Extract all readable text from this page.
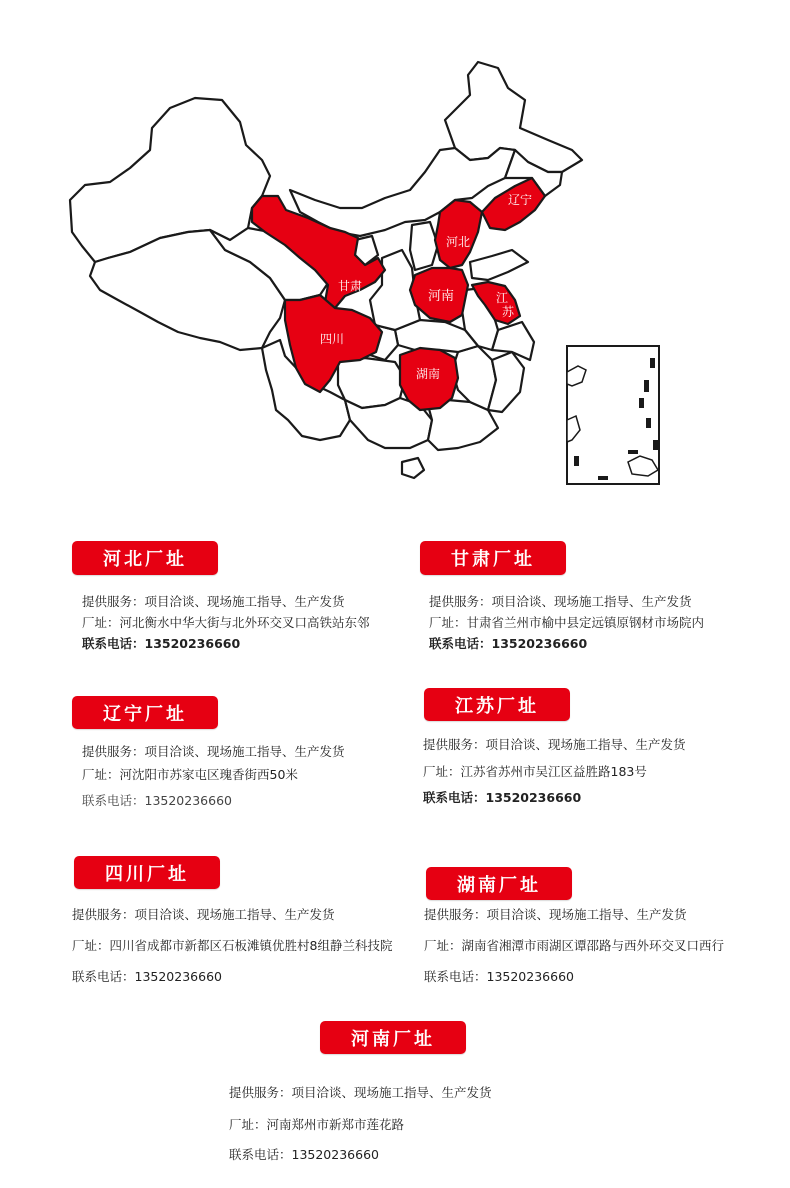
辽宁
河北
甘肃
河南	江
苏
四川
湖南
河北厂址
提供服务：项目洽谈、现场施工指导、生产发货
厂址：河北衡水中华大街与北外环交叉口高铁站东邻
联系电话：13520236660
甘肃厂址
提供服务：项目洽谈、现场施工指导、生产发货
厂址：甘肃省兰州市榆中县定远镇原钢材市场院内
联系电话：13520236660
辽宁厂址
提供服务：项目洽谈、现场施工指导、生产发货
厂址：河沈阳市苏家屯区瑰香街西50米
联系电话：13520236660
江苏厂址
提供服务：项目洽谈、现场施工指导、生产发货
厂址：江苏省苏州市吴江区益胜路183号
联系电话：13520236660
四川厂址
提供服务：项目洽谈、现场施工指导、生产发货
厂址：四川省成都市新都区石板滩镇优胜村8组静兰科技院
联系电话：13520236660
湖南厂址
提供服务：项目洽谈、现场施工指导、生产发货
厂址：湖南省湘潭市雨湖区谭邵路与西外环交叉口西行
联系电话：13520236660
河南厂址
提供服务：项目洽谈、现场施工指导、生产发货
厂址：河南郑州市新郑市莲花路
联系电话：13520236660
